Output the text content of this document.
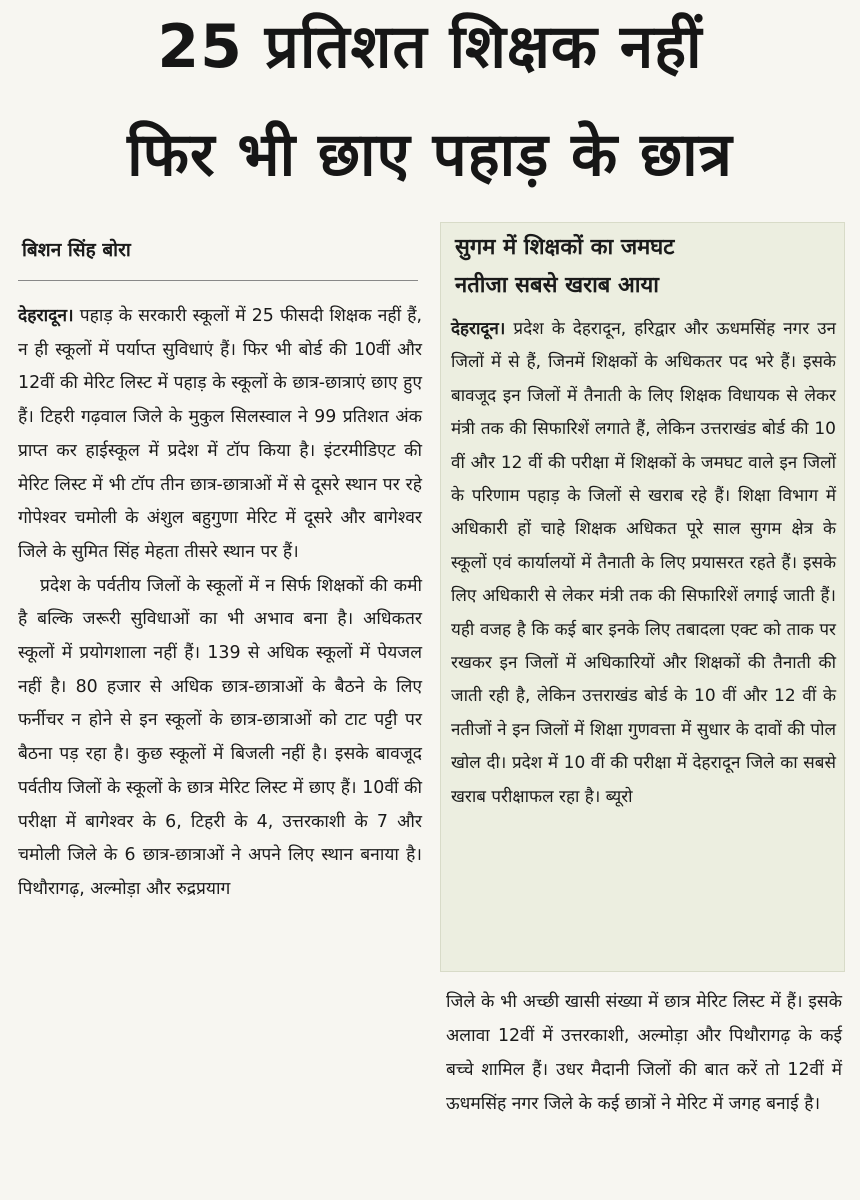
25 प्रतिशत शिक्षक नहीं
फिर भी छाए पहाड़ के छात्र
बिशन सिंह बोरा

देहरादून। पहाड़ के सरकारी स्कूलों में 25 फीसदी शिक्षक नहीं हैं, न ही स्कूलों में पर्याप्त सुविधाएं हैं। फिर भी बोर्ड की 10वीं और 12वीं की मेरिट लिस्ट में पहाड़ के स्कूलों के छात्र-छात्राएं छाए हुए हैं। टिहरी गढ़वाल जिले के मुकुल सिलस्वाल ने 99 प्रतिशत अंक प्राप्त कर हाईस्कूल में प्रदेश में टॉप किया है। इंटरमीडिएट की मेरिट लिस्ट में भी टॉप तीन छात्र-छात्राओं में से दूसरे स्थान पर रहे गोपेश्वर चमोली के अंशुल बहुगुणा मेरिट में दूसरे और बागेश्वर जिले के सुमित सिंह मेहता तीसरे स्थान पर हैं।

प्रदेश के पर्वतीय जिलों के स्कूलों में न सिर्फ शिक्षकों की कमी है बल्कि जरूरी सुविधाओं का भी अभाव बना है। अधिकतर स्कूलों में प्रयोगशाला नहीं हैं। 139 से अधिक स्कूलों में पेयजल नहीं है। 80 हजार से अधिक छात्र-छात्राओं के बैठने के लिए फर्नीचर न होने से इन स्कूलों के छात्र-छात्राओं को टाट पट्टी पर बैठना पड़ रहा है। कुछ स्कूलों में बिजली नहीं है। इसके बावजूद पर्वतीय जिलों के स्कूलों के छात्र मेरिट लिस्ट में छाए हैं। 10वीं की परीक्षा में बागेश्वर के 6, टिहरी के 4, उत्तरकाशी के 7 और चमोली जिले के 6 छात्र-छात्राओं ने अपने लिए स्थान बनाया है। पिथौरागढ़, अल्मोड़ा और रुद्रप्रयाग

सुगम में शिक्षकों का जमघट
नतीजा सबसे खराब आया
देहरादून। प्रदेश के देहरादून, हरिद्वार और ऊधमसिंह नगर उन जिलों में से हैं, जिनमें शिक्षकों के अधिकतर पद भरे हैं। इसके बावजूद इन जिलों में तैनाती के लिए शिक्षक विधायक से लेकर मंत्री तक की सिफारिशें लगाते हैं, लेकिन उत्तराखंड बोर्ड की 10 वीं और 12 वीं की परीक्षा में शिक्षकों के जमघट वाले इन जिलों के परिणाम पहाड़ के जिलों से खराब रहे हैं। शिक्षा विभाग में अधिकारी हों चाहे शिक्षक अधिकत पूरे साल सुगम क्षेत्र के स्कूलों एवं कार्यालयों में तैनाती के लिए प्रयासरत रहते हैं। इसके लिए अधिकारी से लेकर मंत्री तक की सिफारिशें लगाई जाती हैं। यही वजह है कि कई बार इनके लिए तबादला एक्ट को ताक पर रखकर इन जिलों में अधिकारियों और शिक्षकों की तैनाती की जाती रही है, लेकिन उत्तराखंड बोर्ड के 10 वीं और 12 वीं के नतीजों ने इन जिलों में शिक्षा गुणवत्ता में सुधार के दावों की पोल खोल दी। प्रदेश में 10 वीं की परीक्षा में देहरादून जिले का सबसे खराब परीक्षाफल रहा है। ब्यूरो
जिले के भी अच्छी खासी संख्या में छात्र मेरिट लिस्ट में हैं। इसके अलावा 12वीं में उत्तरकाशी, अल्मोड़ा और पिथौरागढ़ के कई बच्चे शामिल हैं। उधर मैदानी जिलों की बात करें तो 12वीं में ऊधमसिंह नगर जिले के कई छात्रों ने मेरिट में जगह बनाई है।
